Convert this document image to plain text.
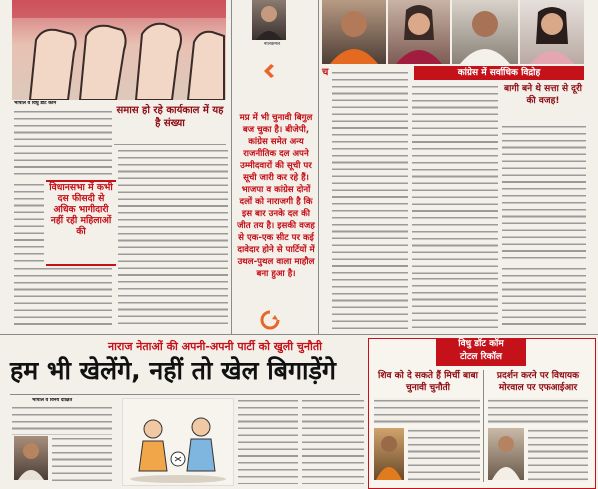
भोपाल व विधु डॉट कॉम
विधानसभा में कभी दस फीसदी से अधिक भागीदारी नहीं रही महिलाओं की
समास हो रहे कार्यकाल में यह है संख्या
नीलकमल
मप्र में भी चुनावी बिगुल बज चुका है। बीजेपी, कांग्रेस समेत अन्य राजनीतिक दल अपने उम्मीदवारों की सूची पर सूची जारी कर रहे हैं। भाजपा व कांग्रेस दोनों दलों को नाराजगी है कि इस बार उनके दल की जीत तय है। इसकी वजह से एक-एक सीट पर कई दावेदार होने से पार्टियों में उथल-पुथल वाला माहौल बना हुआ है।
कांग्रेस में सर्वाधिक विद्रोह
च
बागी बने थे सत्ता से दूरी की वजह!
नाराज नेताओं की अपनी-अपनी पार्टी को खुली चुनौती
हम भी खेलेंगे, नहीं तो खेल बिगाड़ेंगे
भोपाल व विनय दीक्षित
विधु डॉट कॉम
टोटल रिकॉल
शिव को दे सकते हैं मिर्ची बाबा चुनावी चुनौती
प्रदर्शन करने पर विधायक मोरवाल पर एफआईआर
